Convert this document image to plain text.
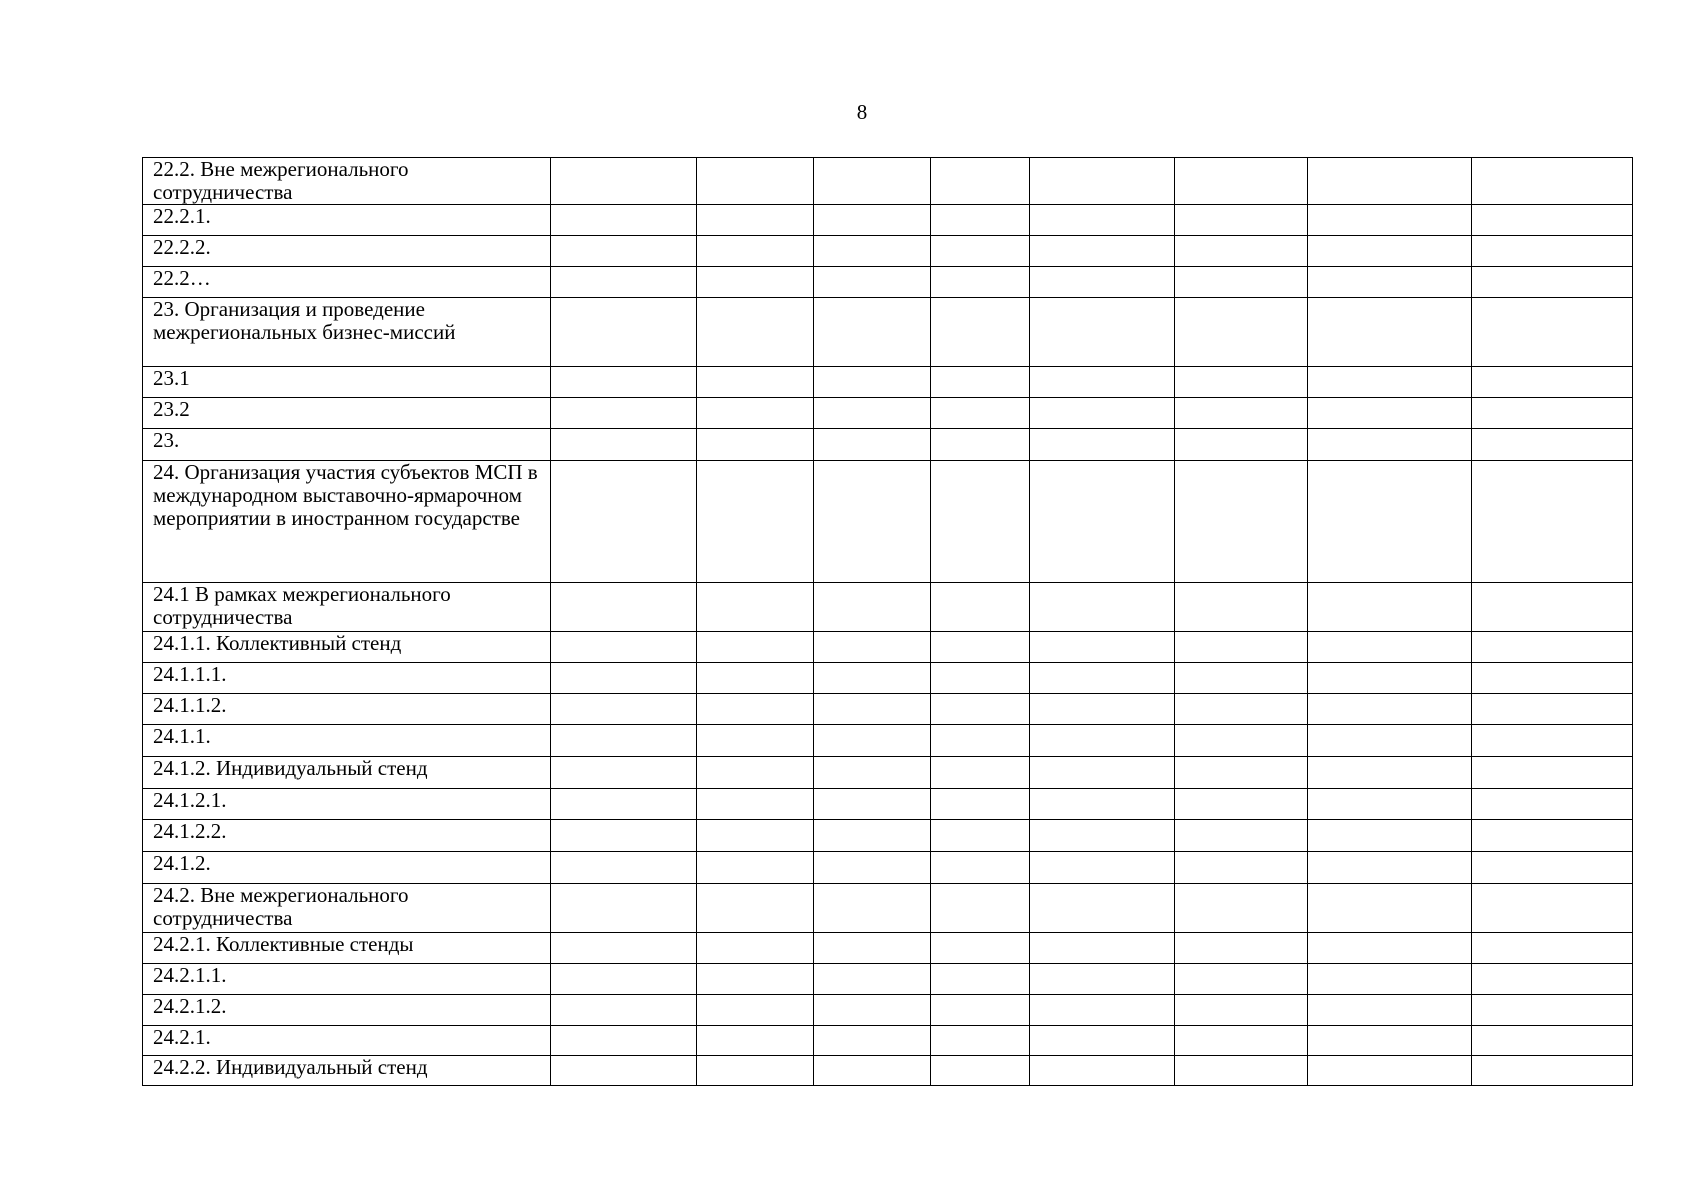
8
22.2. Вне межрегионального сотрудничества								
22.2.1.								
22.2.2.								
22.2…								
23. Организация и проведение межрегиональных бизнес-миссий								
23.1								
23.2								
23.								
24. Организация участия субъектов МСП в международном выставочно-ярмарочном мероприятии в иностранном государстве								
24.1 В рамках межрегионального сотрудничества								
24.1.1. Коллективный стенд								
24.1.1.1.								
24.1.1.2.								
24.1.1.								
24.1.2. Индивидуальный стенд								
24.1.2.1.								
24.1.2.2.								
24.1.2.								
24.2. Вне межрегионального сотрудничества								
24.2.1. Коллективные стенды								
24.2.1.1.								
24.2.1.2.								
24.2.1.								
24.2.2. Индивидуальный стенд								
